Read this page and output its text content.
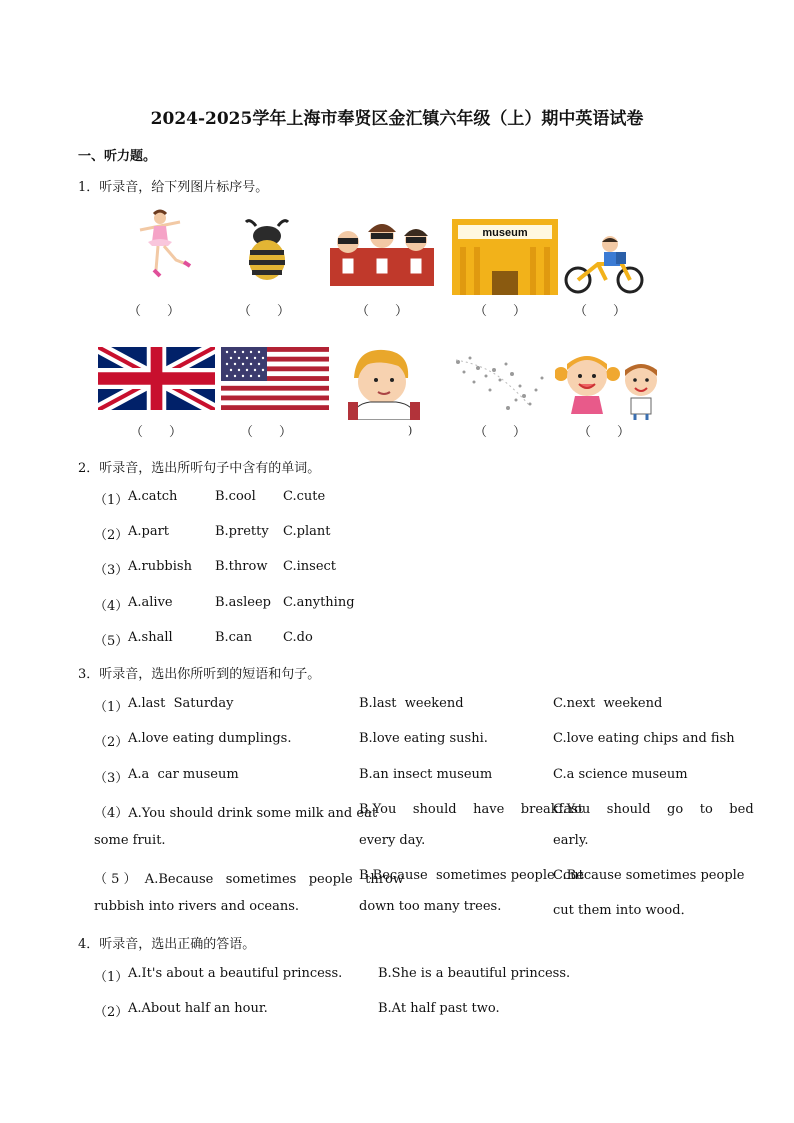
2024-2025学年上海市奉贤区金汇镇六年级（上）期中英语试卷
一、听力题。
1．听录音，给下列图片标序号。
museum
（　　）	（　　）	（　　）	（　　）	（　　）
（　　）	（　　）	)	（　　）	（　　）
2．听录音，选出所听句子中含有的单词。
（1） A.catch	B.cool C.cute
（2） A.part	B.pretty C.plant
（3） A.rubbish B.throw C.insect
（4） A.alive	B.asleep C.anything
（5） A.shall	B.can C.do
3．听录音，选出你所听到的短语和句子。
（1） A.last  Saturday	B.last  weekend	C.next  weekend
（2） A.love eating dumplings.	B.love eating sushi.	C.love eating chips and fish
（3） A.a  car museum	B.an insect museum	C.a science museum
（4）A.You should drink some milk and eat
some fruit.
B.You    should    have    breakfast
every day.
C.You    should    go    to    bed
early.
（ 5 ）  A.Because   sometimes   people   throw
rubbish into rivers and oceans.
B.Because  sometimes people  cut
down too many trees.
C.Because sometimes people
cut them into wood．
4．听录音，选出正确的答语。
（1） A.It's about a beautiful princess.	B.She is a beautiful princess.
（2） A.About half an hour.	B.At half past two.
